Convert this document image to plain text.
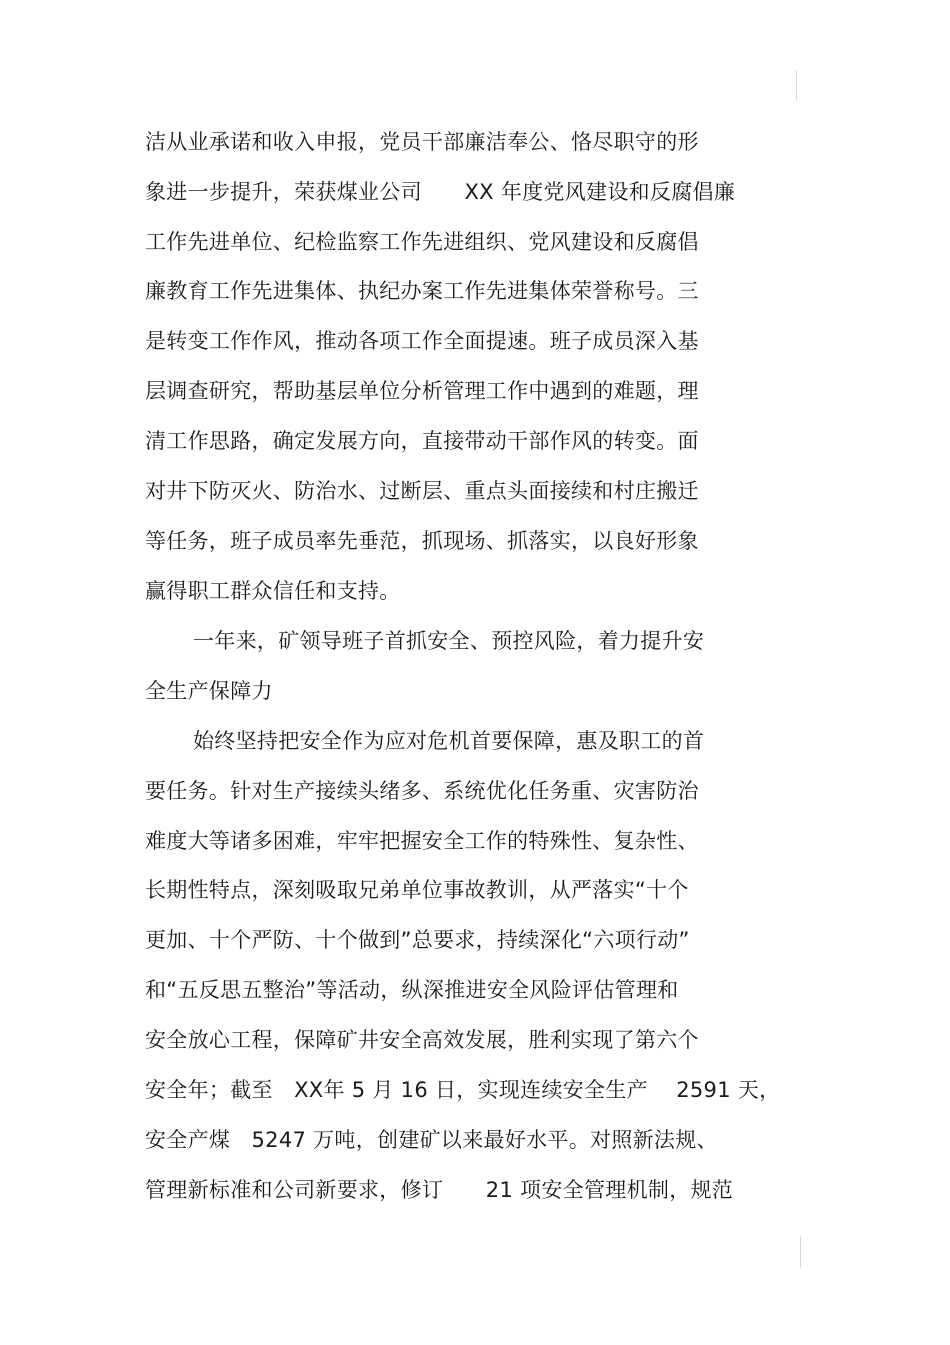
洁从业承诺和收入申报，党员干部廉洁奉公、恪尽职守的形
象进一步提升，荣获煤业公司　　XX 年度党风建设和反腐倡廉
工作先进单位、纪检监察工作先进组织、党风建设和反腐倡
廉教育工作先进集体、执纪办案工作先进集体荣誉称号。三
是转变工作作风，推动各项工作全面提速。班子成员深入基
层调查研究，帮助基层单位分析管理工作中遇到的难题，理
清工作思路，确定发展方向，直接带动干部作风的转变。面
对井下防灭火、防治水、过断层、重点头面接续和村庄搬迁
等任务，班子成员率先垂范，抓现场、抓落实，以良好形象
赢得职工群众信任和支持。
一年来，矿领导班子首抓安全、预控风险，着力提升安
全生产保障力
始终坚持把安全作为应对危机首要保障，惠及职工的首
要任务。针对生产接续头绪多、系统优化任务重、灾害防治
难度大等诸多困难，牢牢把握安全工作的特殊性、复杂性、
长期性特点，深刻吸取兄弟单位事故教训，从严落实“十个
更加、十个严防、十个做到”总要求，持续深化“六项行动”
和“五反思五整治”等活动，纵深推进安全风险评估管理和
安全放心工程，保障矿井安全高效发展，胜利实现了第六个
安全年；截至　XX年 5 月 16 日，实现连续安全生产　 2591 天，
安全产煤　5247 万吨，创建矿以来最好水平。对照新法规、
管理新标准和公司新要求，修订　　21 项安全管理机制，规范
